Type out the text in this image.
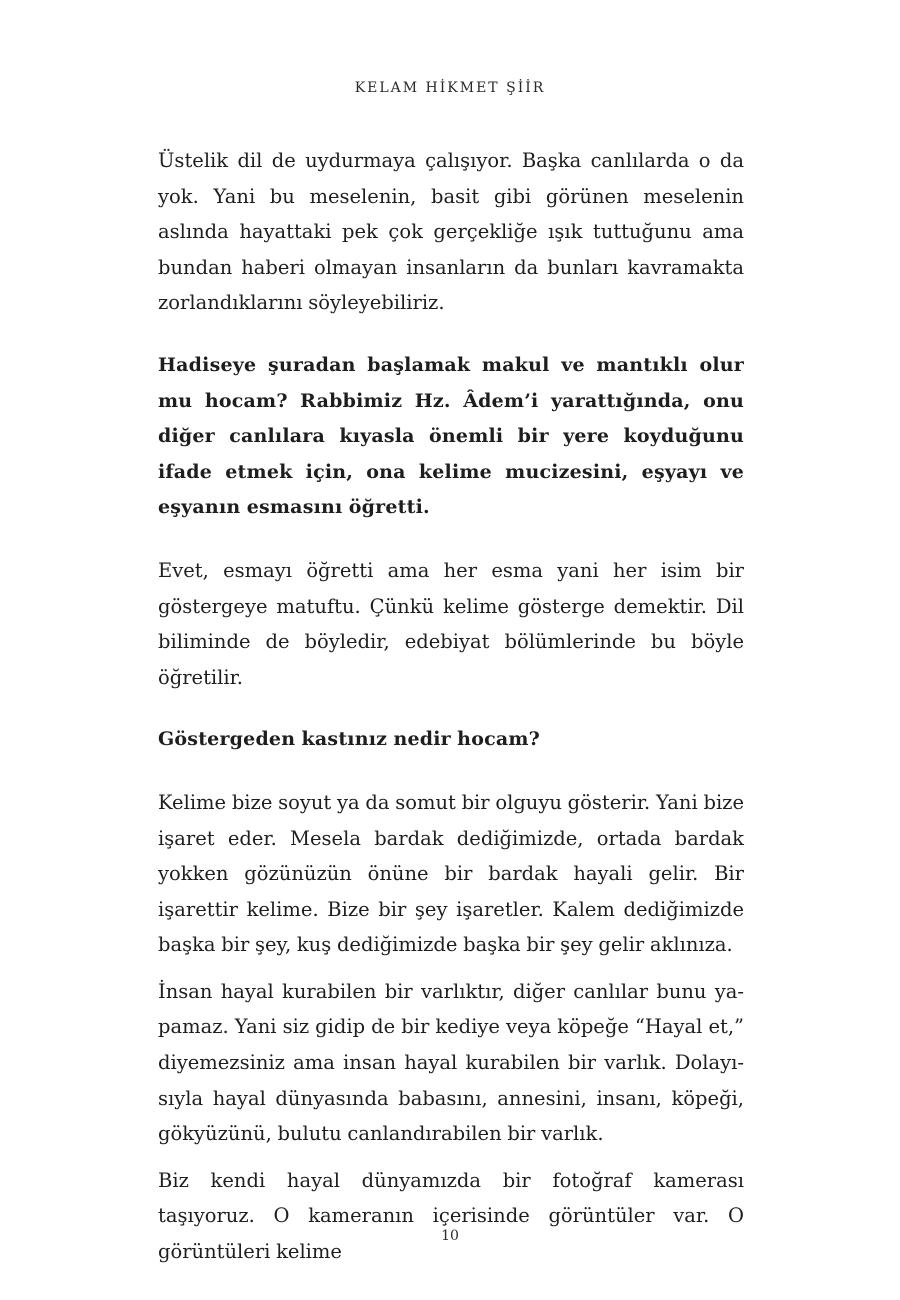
KELAM HİKMET ŞİİR

Üstelik dil de uydurmaya çalışıyor. Başka canlılarda o da yok. Yani bu meselenin, basit gibi görünen meselenin aslında hayattaki pek çok gerçekliğe ışık tuttuğunu ama bundan haberi olmayan insanların da bunları kavramakta zorlandıklarını söyleyebiliriz.

Hadiseye şuradan başlamak makul ve mantıklı olur mu hocam? Rabbimiz Hz. Âdem’i yarattığında, onu diğer canlılara kıyasla önemli bir yere koyduğunu ifade etmek için, ona kelime mucizesini, eşyayı ve eşyanın esmasını öğretti.

Evet, esmayı öğretti ama her esma yani her isim bir göstergeye matuftu. Çünkü kelime gösterge demektir. Dil biliminde de böyledir, edebiyat bölümlerinde bu böyle öğretilir.

Göstergeden kastınız nedir hocam?

Kelime bize soyut ya da somut bir olguyu gösterir. Yani bize işaret eder. Mesela bardak dediğimizde, ortada bardak yokken gözünüzün önüne bir bardak hayali gelir. Bir işarettir kelime. Bize bir şey işaretler. Kalem dediğimizde başka bir şey, kuş dediğimizde başka bir şey gelir aklınıza.

İnsan hayal kurabilen bir varlıktır, diğer canlılar bunu yapamaz. Yani siz gidip de bir kediye veya köpeğe “Hayal et,” diyemezsiniz ama insan hayal kurabilen bir varlık. Dolayısıyla hayal dünyasında babasını, annesini, insanı, köpeği, gökyüzünü, bulutu canlandırabilen bir varlık.

Biz kendi hayal dünyamızda bir fotoğraf kamerası taşıyoruz. O kameranın içerisinde görüntüler var. O görüntüleri kelime

10
